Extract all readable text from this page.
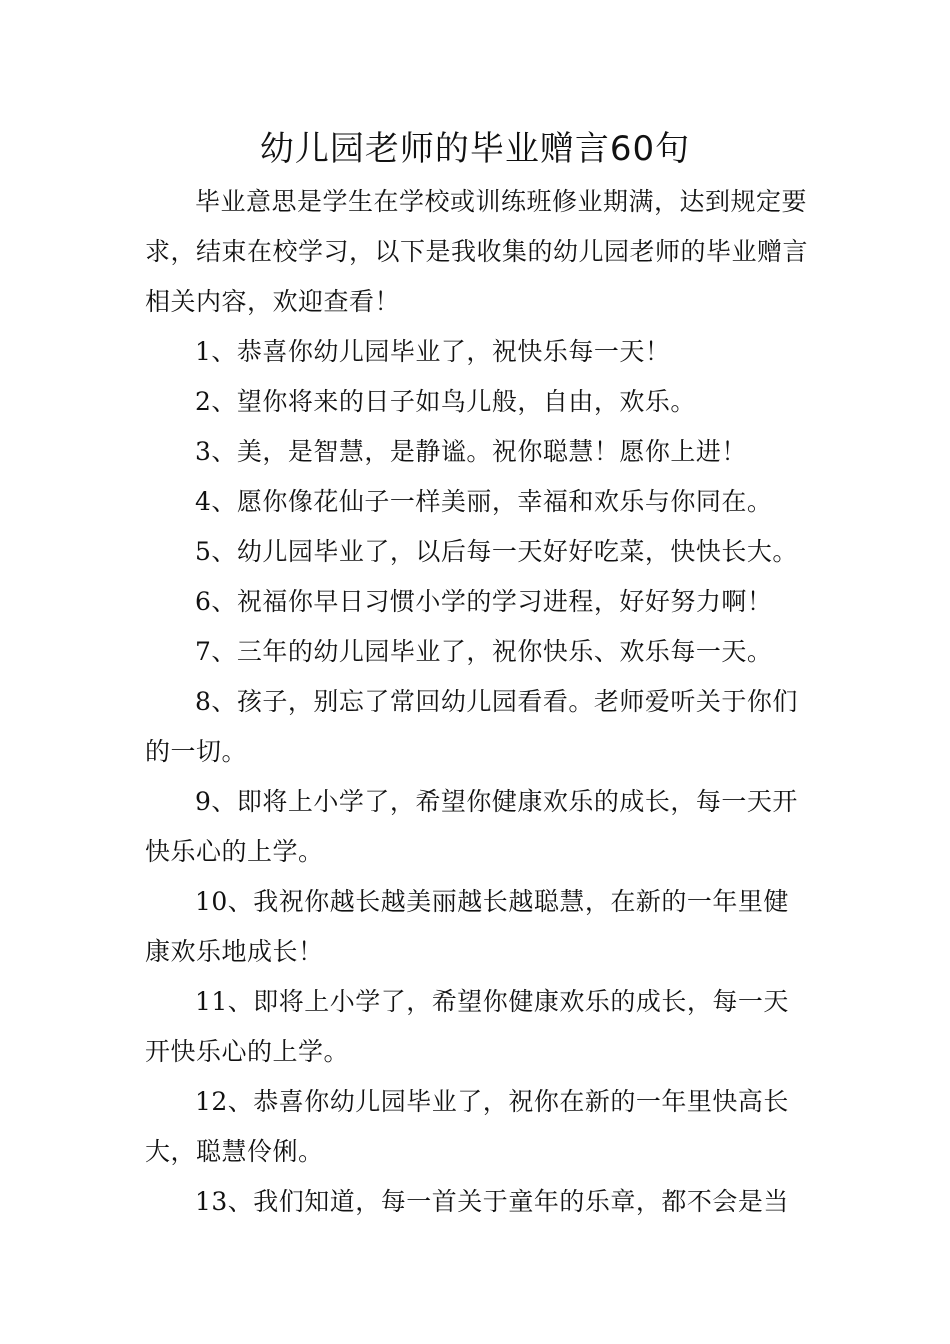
幼儿园老师的毕业赠言60句

毕业意思是学生在学校或训练班修业期满，达到规定要求，结束在校学习，以下是我收集的幼儿园老师的毕业赠言相关内容，欢迎查看！

1、恭喜你幼儿园毕业了，祝快乐每一天！

2、望你将来的日子如鸟儿般，自由，欢乐。

3、美，是智慧，是静谧。祝你聪慧！愿你上进！

4、愿你像花仙子一样美丽，幸福和欢乐与你同在。

5、幼儿园毕业了，以后每一天好好吃菜，快快长大。

6、祝福你早日习惯小学的学习进程，好好努力啊！

7、三年的幼儿园毕业了，祝你快乐、欢乐每一天。

8、孩子，别忘了常回幼儿园看看。老师爱听关于你们的一切。

9、即将上小学了，希望你健康欢乐的成长，每一天开快乐心的上学。

10、我祝你越长越美丽越长越聪慧，在新的一年里健康欢乐地成长！

11、即将上小学了，希望你健康欢乐的成长，每一天开快乐心的上学。

12、恭喜你幼儿园毕业了，祝你在新的一年里快高长大，聪慧伶俐。

13、我们知道，每一首关于童年的乐章，都不会是当
